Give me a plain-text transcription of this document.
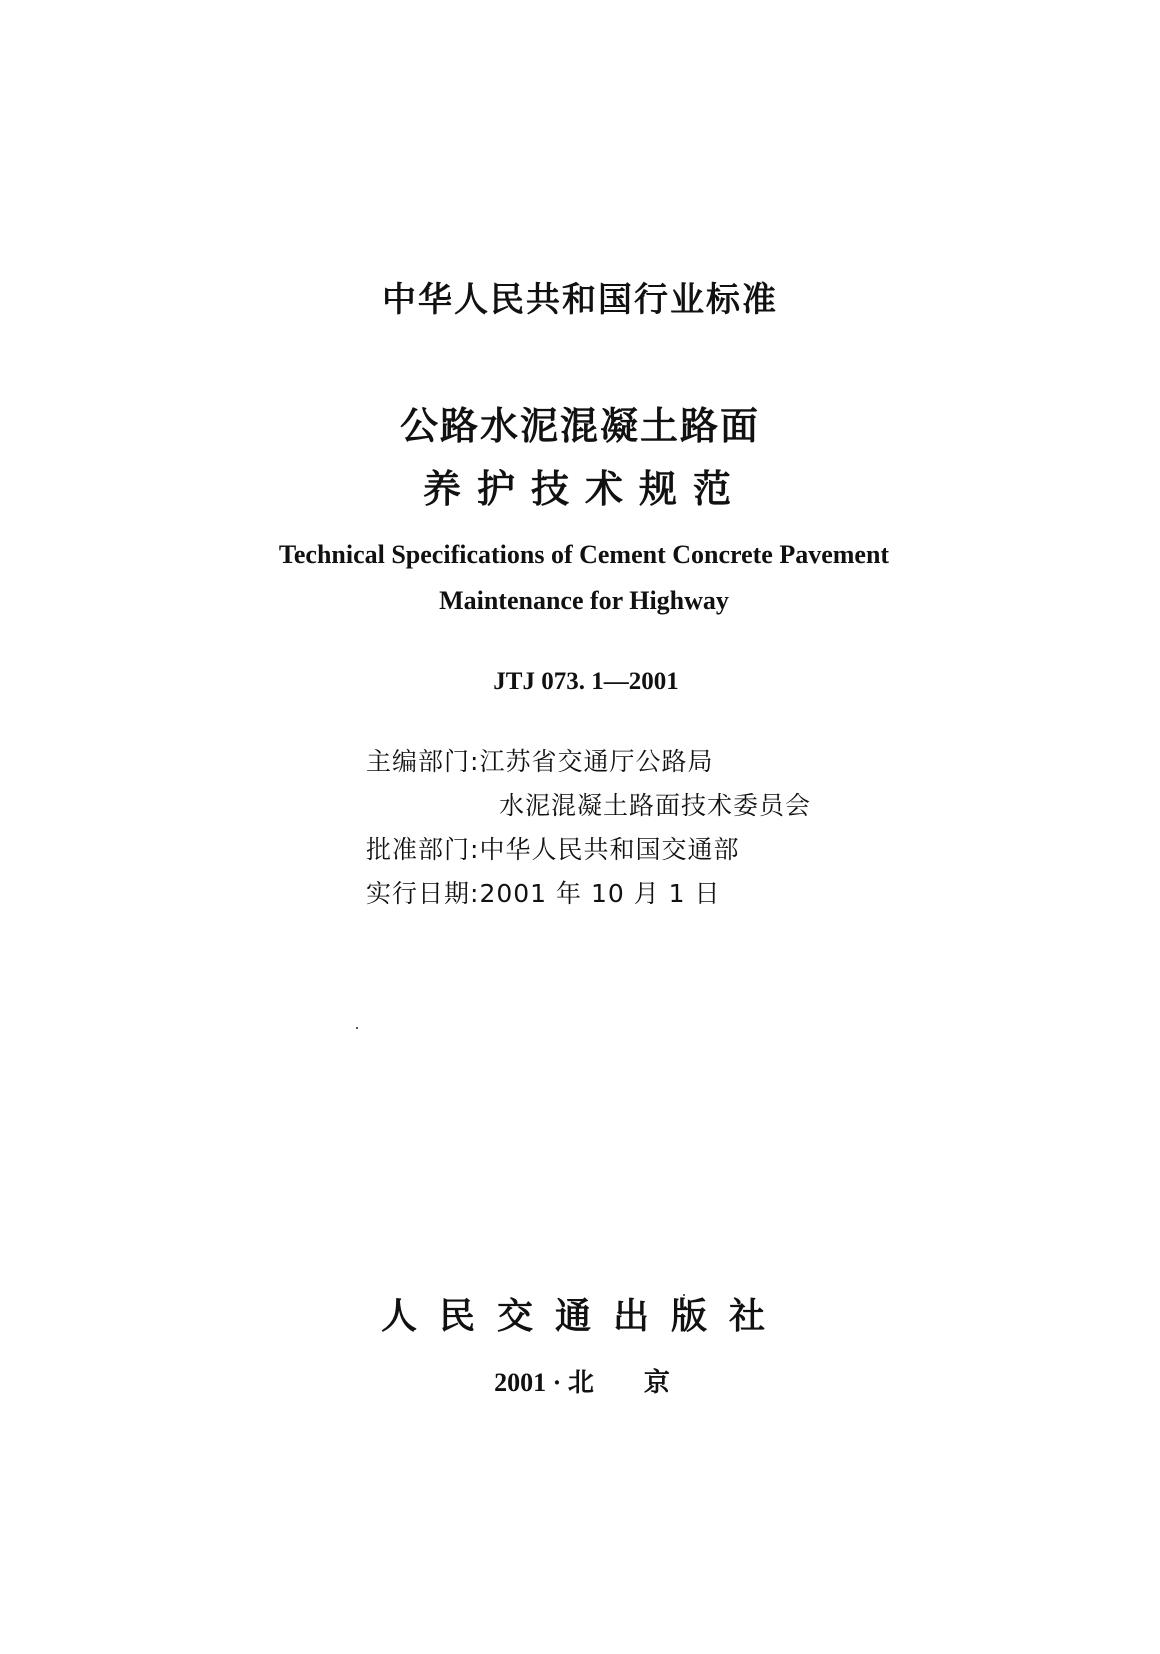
中华人民共和国行业标准
公路水泥混凝土路面
养护技术规范
Technical Specifications of Cement Concrete Pavement
Maintenance for Highway
JTJ 073. 1—2001
主编部门:江苏省交通厅公路局
水泥混凝土路面技术委员会
批准部门:中华人民共和国交通部
实行日期:2001 年 10 月 1 日
人民交通出版社
2001 · 北 京
